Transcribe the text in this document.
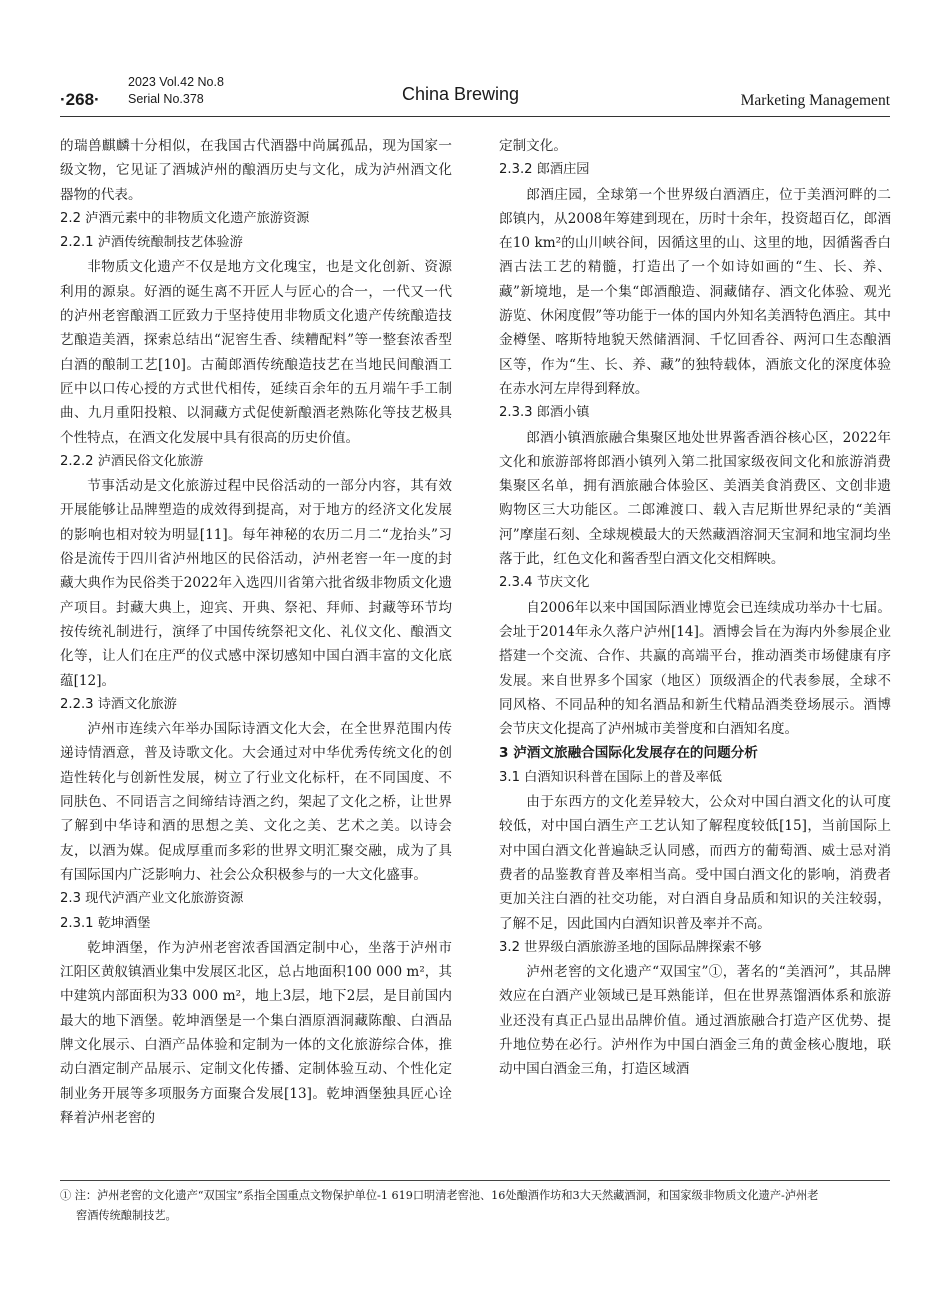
·268·
2023 Vol.42 No.8
Serial No.378	China Brewing	Marketing Management

的瑞兽麒麟十分相似，在我国古代酒器中尚属孤品，现为国家一级文物，它见证了酒城泸州的酿酒历史与文化，成为泸州酒文化器物的代表。

2.2 泸酒元素中的非物质文化遗产旅游资源

2.2.1 泸酒传统酿制技艺体验游

非物质文化遗产不仅是地方文化瑰宝，也是文化创新、资源利用的源泉。好酒的诞生离不开匠人与匠心的合一，一代又一代的泸州老窖酿酒工匠致力于坚持使用非物质文化遗产传统酿造技艺酿造美酒，探索总结出“泥窖生香、续糟配料”等一整套浓香型白酒的酿制工艺[10]。古蔺郎酒传统酿造技艺在当地民间酿酒工匠中以口传心授的方式世代相传，延续百余年的五月端午手工制曲、九月重阳投粮、以洞藏方式促使新酿酒老熟陈化等技艺极具个性特点，在酒文化发展中具有很高的历史价值。

2.2.2 泸酒民俗文化旅游

节事活动是文化旅游过程中民俗活动的一部分内容，其有效开展能够让品牌塑造的成效得到提高，对于地方的经济文化发展的影响也相对较为明显[11]。每年神秘的农历二月二“龙抬头”习俗是流传于四川省泸州地区的民俗活动，泸州老窖一年一度的封藏大典作为民俗类于2022年入选四川省第六批省级非物质文化遗产项目。封藏大典上，迎宾、开典、祭祀、拜师、封藏等环节均按传统礼制进行，演绎了中国传统祭祀文化、礼仪文化、酿酒文化等，让人们在庄严的仪式感中深切感知中国白酒丰富的文化底蕴[12]。

2.2.3 诗酒文化旅游

泸州市连续六年举办国际诗酒文化大会，在全世界范围内传递诗情酒意，普及诗歌文化。大会通过对中华优秀传统文化的创造性转化与创新性发展，树立了行业文化标杆，在不同国度、不同肤色、不同语言之间缔结诗酒之约，架起了文化之桥，让世界了解到中华诗和酒的思想之美、文化之美、艺术之美。以诗会友，以酒为媒。促成厚重而多彩的世界文明汇聚交融，成为了具有国际国内广泛影响力、社会公众积极参与的一大文化盛事。

2.3 现代泸酒产业文化旅游资源

2.3.1 乾坤酒堡

乾坤酒堡，作为泸州老窖浓香国酒定制中心，坐落于泸州市江阳区黄舣镇酒业集中发展区北区，总占地面积100 000 m²，其中建筑内部面积为33 000 m²，地上3层，地下2层，是目前国内最大的地下酒堡。乾坤酒堡是一个集白酒原酒洞藏陈酿、白酒品牌文化展示、白酒产品体验和定制为一体的文化旅游综合体，推动白酒定制产品展示、定制文化传播、定制体验互动、个性化定制业务开展等多项服务方面聚合发展[13]。乾坤酒堡独具匠心诠释着泸州老窖的

定制文化。

2.3.2 郎酒庄园

郎酒庄园，全球第一个世界级白酒酒庄，位于美酒河畔的二郎镇内，从2008年筹建到现在，历时十余年，投资超百亿，郎酒在10 km²的山川峡谷间，因循这里的山、这里的地，因循酱香白酒古法工艺的精髓，打造出了一个如诗如画的“生、长、养、藏”新境地，是一个集“郎酒酿造、洞藏储存、酒文化体验、观光游览、休闲度假”等功能于一体的国内外知名美酒特色酒庄。其中金樽堡、喀斯特地貌天然储酒洞、千忆回香谷、两河口生态酿酒区等，作为“生、长、养、藏”的独特载体，酒旅文化的深度体验在赤水河左岸得到释放。

2.3.3 郎酒小镇

郎酒小镇酒旅融合集聚区地处世界酱香酒谷核心区，2022年文化和旅游部将郎酒小镇列入第二批国家级夜间文化和旅游消费集聚区名单，拥有酒旅融合体验区、美酒美食消费区、文创非遗购物区三大功能区。二郎滩渡口、载入吉尼斯世界纪录的“美酒河”摩崖石刻、全球规模最大的天然藏酒溶洞天宝洞和地宝洞均坐落于此，红色文化和酱香型白酒文化交相辉映。

2.3.4 节庆文化

自2006年以来中国国际酒业博览会已连续成功举办十七届。会址于2014年永久落户泸州[14]。酒博会旨在为海内外参展企业搭建一个交流、合作、共赢的高端平台，推动酒类市场健康有序发展。来自世界多个国家（地区）顶级酒企的代表参展，全球不同风格、不同品种的知名酒品和新生代精品酒类登场展示。酒博会节庆文化提高了泸州城市美誉度和白酒知名度。

3 泸酒文旅融合国际化发展存在的问题分析

3.1 白酒知识科普在国际上的普及率低

由于东西方的文化差异较大，公众对中国白酒文化的认可度较低，对中国白酒生产工艺认知了解程度较低[15]，当前国际上对中国白酒文化普遍缺乏认同感，而西方的葡萄酒、威士忌对消费者的品鉴教育普及率相当高。受中国白酒文化的影响，消费者更加关注白酒的社交功能，对白酒自身品质和知识的关注较弱，了解不足，因此国内白酒知识普及率并不高。

3.2 世界级白酒旅游圣地的国际品牌探索不够

泸州老窖的文化遗产“双国宝”①，著名的“美酒河”，其品牌效应在白酒产业领域已是耳熟能详，但在世界蒸馏酒体系和旅游业还没有真正凸显出品牌价值。通过酒旅融合打造产区优势、提升地位势在必行。泸州作为中国白酒金三角的黄金核心腹地，联动中国白酒金三角，打造区域酒

① 注：泸州老窖的文化遗产“双国宝”系指全国重点文物保护单位-1 619口明清老窖池、16处酿酒作坊和3大天然藏酒洞，和国家级非物质文化遗产-泸州老
窖酒传统酿制技艺。
